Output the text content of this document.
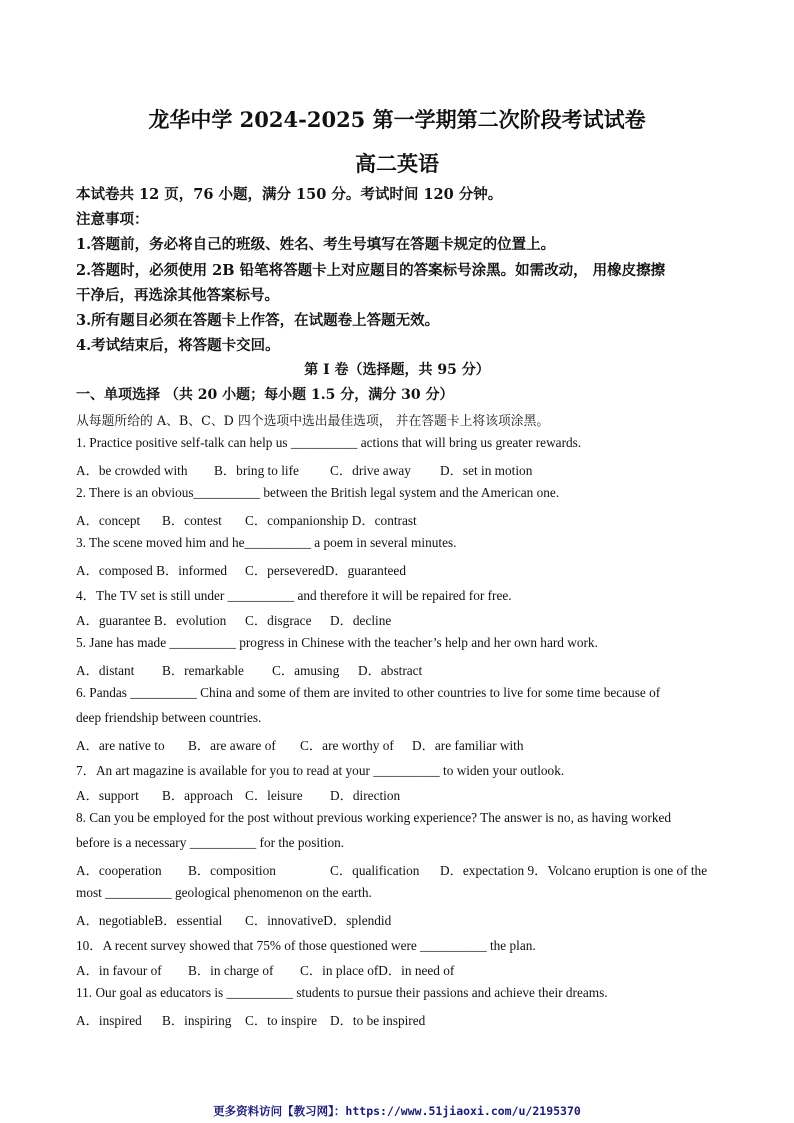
龙华中学 2024-2025 第一学期第二次阶段考试试卷
高二英语
本试卷共 12 页，76 小题，满分 150 分。考试时间 120 分钟。
注意事项：
1.答题前，务必将自己的班级、姓名、考生号填写在答题卡规定的位置上。
2.答题时，必须使用 2B 铅笔将答题卡上对应题目的答案标号涂黑。如需改动， 用橡皮擦擦
干净后，再选涂其他答案标号。
3.所有题目必须在答题卡上作答，在试题卷上答题无效。
4.考试结束后，将答题卡交回。
第 I 卷（选择题，共 95 分）
一、单项选择 （共 20 小题；每小题 1.5 分，满分 30 分）
从每题所给的 A、B、C、D 四个选项中选出最佳选项， 并在答题卡上将该项涂黑。
1. Practice positive self-talk can help us __________ actions that will bring us greater rewards.
A．be crowded with B．bring to life C．drive away D．set in motion
2. There is an obvious__________ between the British legal system and the American one.
A．concept B．contest C．companionship D．contrast
3. The scene moved him and he__________ a poem in several minutes.
A．composed B．informed C．perseveredD．guaranteed
4．The TV set is still under __________ and therefore it will be repaired for free.
A．guarantee B．evolution C．disgrace D．decline
5. Jane has made __________ progress in Chinese with the teacher’s help and her own hard work.
A．distant B．remarkable C．amusing D．abstract
6. Pandas __________ China and some of them are invited to other countries to live for some time because of
deep friendship between countries.
A．are native to B．are aware of C．are worthy of D．are familiar with
7．An art magazine is available for you to read at your __________ to widen your outlook.
A．support B．approach C．leisure D．direction
8. Can you be employed for the post without previous working experience? The answer is no, as having worked
before is a necessary __________ for the position.
A．cooperation B．composition	C．qualification D．expectation 9．Volcano eruption is one of the
most __________ geological phenomenon on the earth.
A．negotiableB．essential C．innovativeD．splendid
10．A recent survey showed that 75% of those questioned were __________ the plan.
A．in favour of B．in charge of C．in place ofD．in need of
11. Our goal as educators is __________ students to pursue their passions and achieve their dreams.
A．inspired B．inspiring C．to inspire D．to be inspired
更多资料访问【教习网】：https://www.51jiaoxi.com/u/2195370
